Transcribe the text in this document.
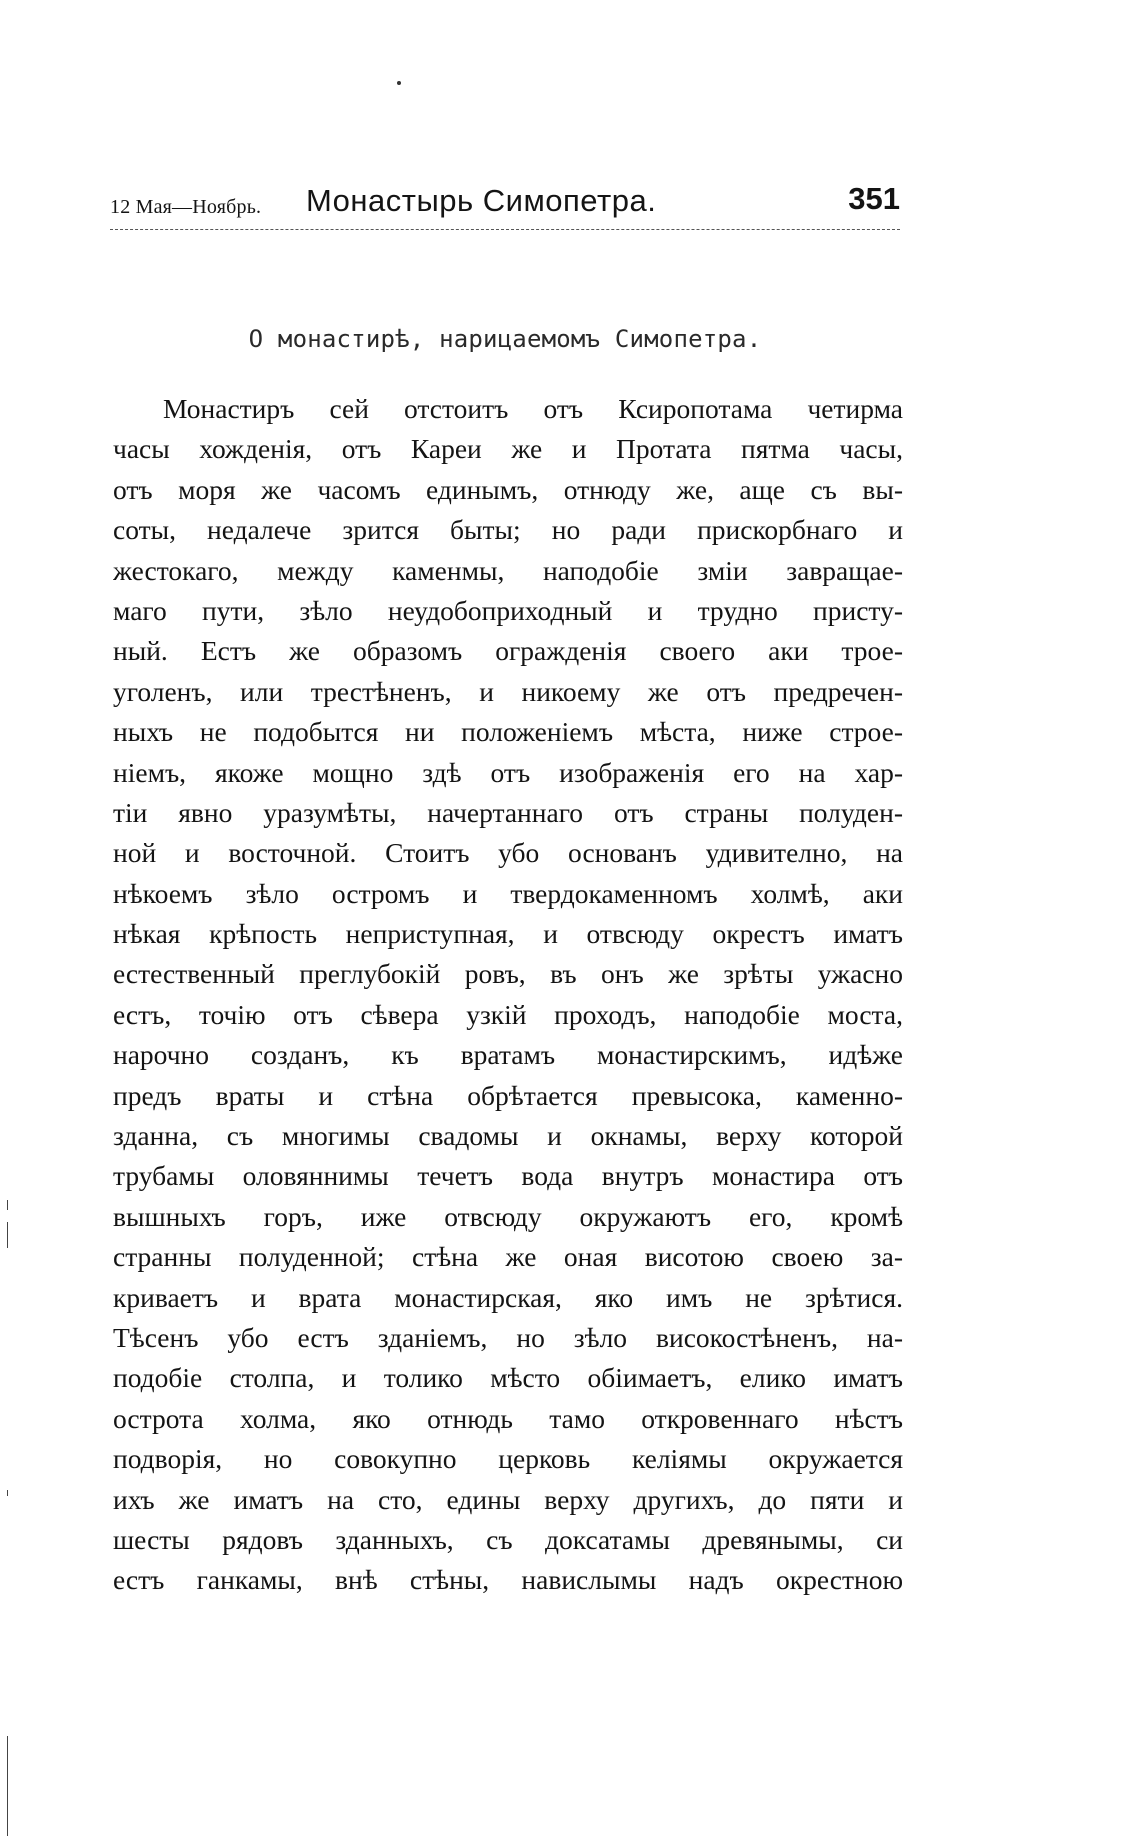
12 Мая—Ноябрь. Монастырь Симопетра.	351
О монастирѣ, нарицаемомъ Симопетра.
Монастиръ сей отстоитъ отъ Ксиропотама четирма
часы хожденія, отъ Кареи же и Протата пятма часы,
отъ моря же часомъ единымъ, отнюду же, аще съ вы-
соты, недалече зрится быты; но ради прискорбнаго и
жестокаго, между каменмы, наподобіе зміи завращае-
маго пути, зѣло неудобоприходный и трудно присту-
ный. Естъ же образомъ огражденія своего аки трое-
уголенъ, или трестѣненъ, и никоему же отъ предречен-
ныхъ не подобытся ни положеніемъ мѣста, ниже строе-
ніемъ, якоже мощно здѣ отъ изображенія его на хар-
тіи явно уразумѣты, начертаннаго отъ страны полуден-
ной и восточной. Стоитъ убо основанъ удивително, на
нѣкоемъ зѣло остромъ и твердокаменномъ холмѣ, аки
нѣкая крѣпость неприступная, и отвсюду окрестъ иматъ
естественный преглубокій ровъ, въ онъ же зрѣты ужасно
естъ, точію отъ сѣвера узкій проходъ, наподобіе моста,
нарочно созданъ, къ вратамъ монастирскимъ, идѣже
предъ враты и стѣна обрѣтается превысока, каменно-
зданна, съ многимы свадомы и окнамы, верху которой
трубамы оловяннимы течетъ вода внутръ монастира отъ
вышныхъ горъ, иже отвсюду окружаютъ его, кромѣ
странны полуденной; стѣна же оная висотою своею за-
криваетъ и врата монастирская, яко имъ не зрѣтися.
Тѣсенъ убо естъ зданіемъ, но зѣло високостѣненъ, на-
подобіе столпа, и толико мѣсто обіимаетъ, елико иматъ
острота холма, яко отнюдь тамо откровеннаго нѣстъ
подворія, но совокупно церковь келіямы окружается
ихъ же иматъ на сто, едины верху другихъ, до пяти и
шесты рядовъ зданныхъ, съ доксатамы древянымы, си
естъ ганкамы, внѣ стѣны, навислымы надъ окрестною
